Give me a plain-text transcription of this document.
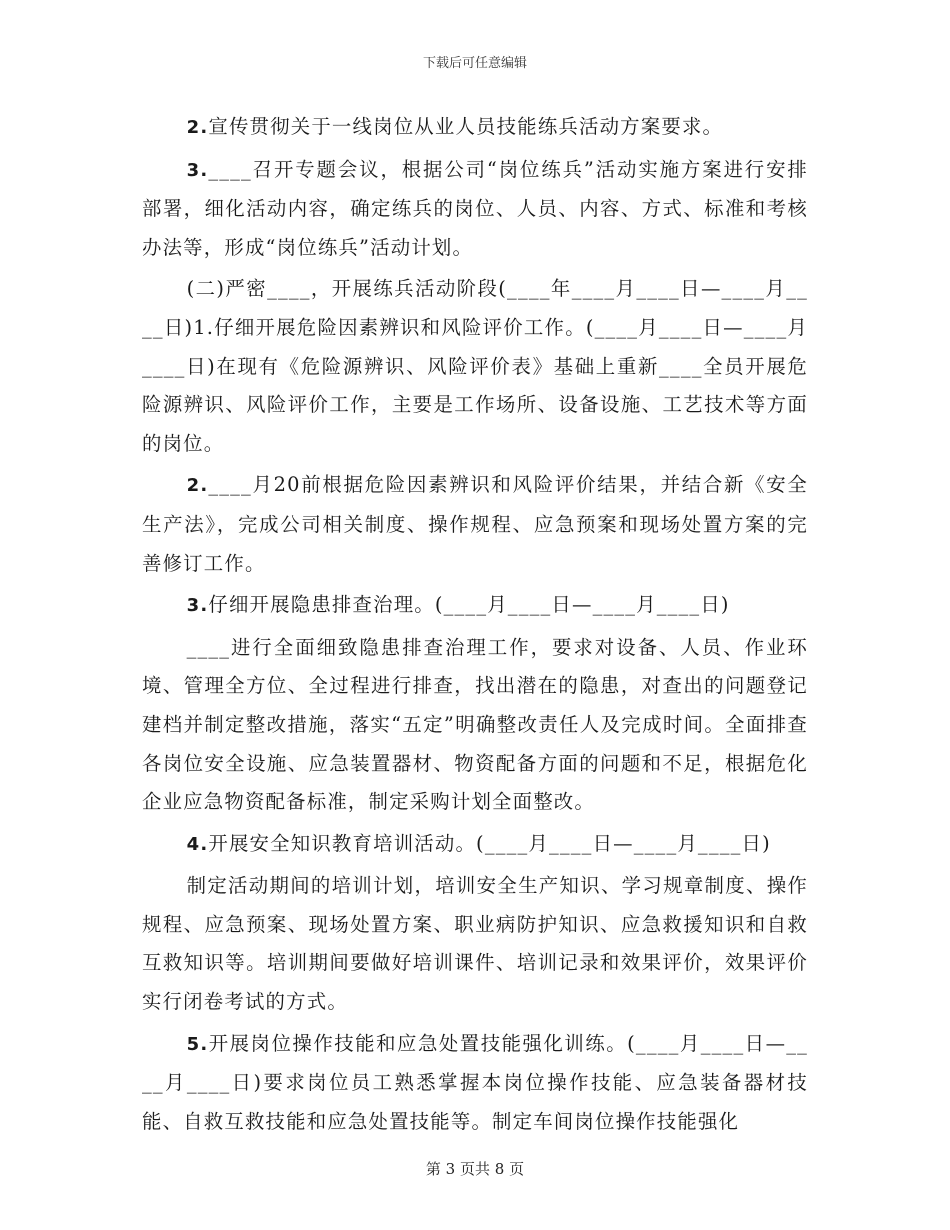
下载后可任意编辑

2.宣传贯彻关于一线岗位从业人员技能练兵活动方案要求。

3.____召开专题会议，根据公司“岗位练兵”活动实施方案进行安排部署，细化活动内容，确定练兵的岗位、人员、内容、方式、标准和考核办法等，形成“岗位练兵”活动计划。

(二)严密____，开展练兵活动阶段(____年____月____日—____月____日)1.仔细开展危险因素辨识和风险评价工作。(____月____日—____月____日)在现有《危险源辨识、风险评价表》基础上重新____全员开展危险源辨识、风险评价工作，主要是工作场所、设备设施、工艺技术等方面的岗位。

2.____月20前根据危险因素辨识和风险评价结果，并结合新《安全生产法》，完成公司相关制度、操作规程、应急预案和现场处置方案的完善修订工作。

3.仔细开展隐患排查治理。(____月____日—____月____日)

____进行全面细致隐患排查治理工作，要求对设备、人员、作业环境、管理全方位、全过程进行排查，找出潜在的隐患，对查出的问题登记建档并制定整改措施，落实“五定”明确整改责任人及完成时间。全面排查各岗位安全设施、应急装置器材、物资配备方面的问题和不足，根据危化企业应急物资配备标准，制定采购计划全面整改。

4.开展安全知识教育培训活动。(____月____日—____月____日)

制定活动期间的培训计划，培训安全生产知识、学习规章制度、操作规程、应急预案、现场处置方案、职业病防护知识、应急救援知识和自救互救知识等。培训期间要做好培训课件、培训记录和效果评价，效果评价实行闭卷考试的方式。

5.开展岗位操作技能和应急处置技能强化训练。(____月____日—____月____日)要求岗位员工熟悉掌握本岗位操作技能、应急装备器材技能、自救互救技能和应急处置技能等。制定车间岗位操作技能强化

第 3 页共 8 页
